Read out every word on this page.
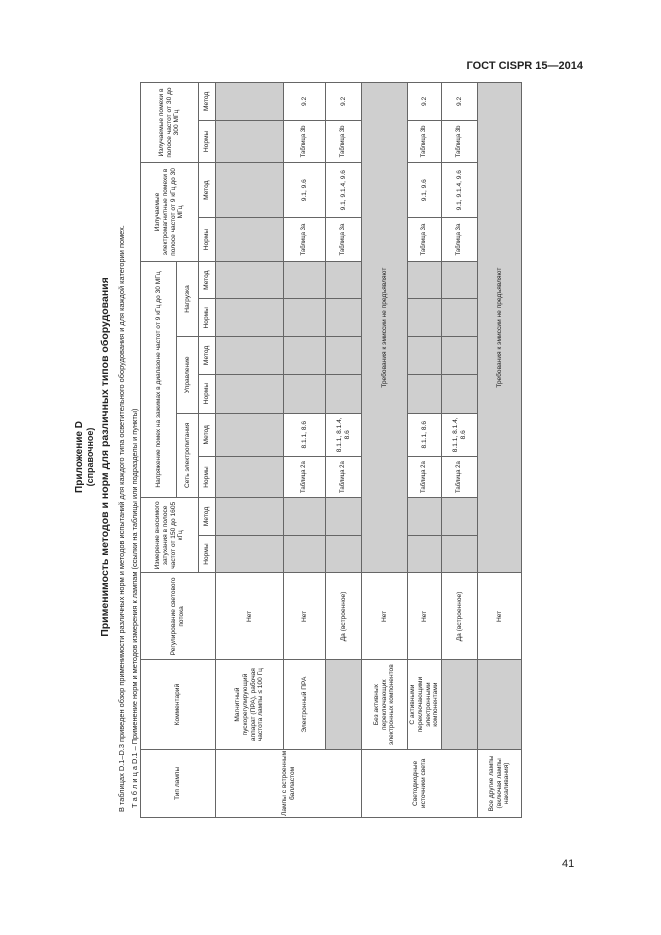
ГОСТ CISPR 15—2014
41
Приложение D (справочное) Применимость методов и норм для различных типов оборудования В таблицах D.1–D.3 приведен обзор применимости различных норм и методов испытаний для каждого типа осветительного оборудования и для каждой категории помех. Т а б л и ц а D.1 – Применение норм и методов измерения к лампам (ссылки на таблицы или подразделы и пункты)	Тип лампы	Комментарий	Регулирование светового потока	Измерение вносимого затухания в полосе частот от 150 до 1605 кГц		Напряжение помех на зажимах в диапазоне частот от 9 кГц до 30 МГц						Излучаемые электромагнитные помехи в полосе частот от 9 кГц до 30 МГц		Излучаемые помехи в полосе частот от 30 до 300 МГц	
					Сеть электропитания		Управление		Нагрузка					
			Нормы	Метод	Нормы	Метод	Нормы	Метод	Нормы	Метод	Нормы	Метод	Нормы	Метод
Лампы с встроенным балластом	Магнитный пускорегулирующий аппарат (ПРА), рабочая частота лампы ≤ 100 Гц	Нет												
	Электронный ПРА	Нет			Таблица 2а	8.1.1, 8.6					Таблица 3а	9.1, 9.6	Таблица 3b	9.2
		Да (встроенное)			Таблица 2а	8.1.1, 8.1.4, 8.6					Таблица 3а	9.1, 9.1.4, 9.6	Таблица 3b	9.2
Светодиодные источники света	Без активных переключающих электронных компонентов	Нет	Требования к эмиссии не предъявляют											
	С активными переключающими электронными компонентами	Нет			Таблица 2а	8.1.1, 8.6					Таблица 3а	9.1, 9.6	Таблица 3b	9.2
		Да (встроенное)			Таблица 2а	8.1.1, 8.1.4, 8.6					Таблица 3а	9.1, 9.1.4, 9.6	Таблица 3b	9.2
Все другие лампы (включая лампы накаливания)		Нет	Требования к эмиссии не предъявляют											
